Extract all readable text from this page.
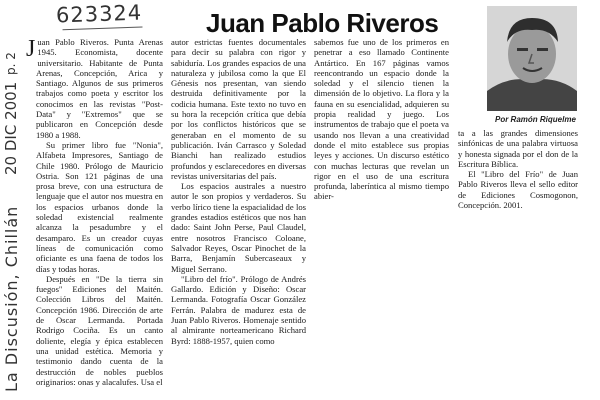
623324
p. 2
20 DIC 2001
La Discusión, Chillán
Juan Pablo Riveros

Juan Pablo Riveros. Punta Arenas 1945. Economista, docente universitario. Habitante de Punta Arenas, Concepción, Arica y Santiago. Algunos de sus primeros trabajos como poeta y escritor los conocimos en las revistas "Post-Data" y "Extremos" que se publicaron en Concepción desde 1980 a 1988.

Su primer libro fue "Nonia", Alfabeta Impresores, Santiago de Chile 1980. Prólogo de Mauricio Ostria. Son 121 páginas de una prosa breve, con una estructura de lenguaje que el autor nos muestra en los espacios urbanos donde la soledad existencial realmente alcanza la pesadumbre y el desamparo. Es un creador cuyas líneas de comunicación como oficiante es una faena de todos los días y todas horas.

Después en "De la tierra sin fuegos" Ediciones del Maitén. Colección Libros del Maitén. Concepción 1986. Dirección de arte de Oscar Lermanda. Portada Rodrigo Cociña. Es un canto doliente, elegía y épica establecen una unidad estética. Memoria y testimonio dando cuenta de la destrucción de nobles pueblos originarios: onas y alacalufes. Usa el

autor estrictas fuentes documentales para decir su palabra con rigor y sabiduría. Los grandes espacios de una naturaleza y jubilosa como la que El Génesis nos presentan, van siendo destruida definitivamente por la codicia humana. Este texto no tuvo en su hora la recepción crítica que debía por los conflictos históricos que se generaban en el momento de su publicación. Iván Carrasco y Soledad Bianchi han realizado estudios profundos y esclarecedores en diversas revistas universitarias del país.

Los espacios australes a nuestro autor le son propios y verdaderos. Su verbo lírico tiene la espacialidad de los grandes estadios estéticos que nos han dado: Saint John Perse, Paul Claudel, entre nosotros Francisco Coloane, Salvador Reyes, Oscar Pinochet de la Barra, Benjamín Subercaseaux y Miguel Serrano.

"Libro del frío". Prólogo de Andrés Gallardo. Edición y Diseño: Oscar Lermanda. Fotografía Oscar González Ferrán. Palabra de madurez esta de Juan Pablo Riveros. Homenaje sentido al almirante norteamericano Richard Byrd: 1888-1957, quien como

sabemos fue uno de los primeros en penetrar a eso llamado Continente Antártico. En 167 páginas vamos reencontrando un espacio donde la soledad y el silencio tienen la dimensión de lo objetivo. La flora y la fauna en su esencialidad, adquieren su propia realidad y juego. Los instrumentos de trabajo que el poeta va usando nos llevan a una creatividad donde el mito establece sus propias leyes y acciones. Un discurso estético con muchas lecturas que revelan un rigor en el uso de una escritura profunda, laberíntica al mismo tiempo abier-

Por Ramón Riquelme

ta a las grandes dimensiones sinfónicas de una palabra virtuosa y honesta signada por el don de la Escritura Bíblica.

El "Libro del Frío" de Juan Pablo Riveros lleva el sello editor de Ediciones Cosmogonon, Concepción. 2001.
